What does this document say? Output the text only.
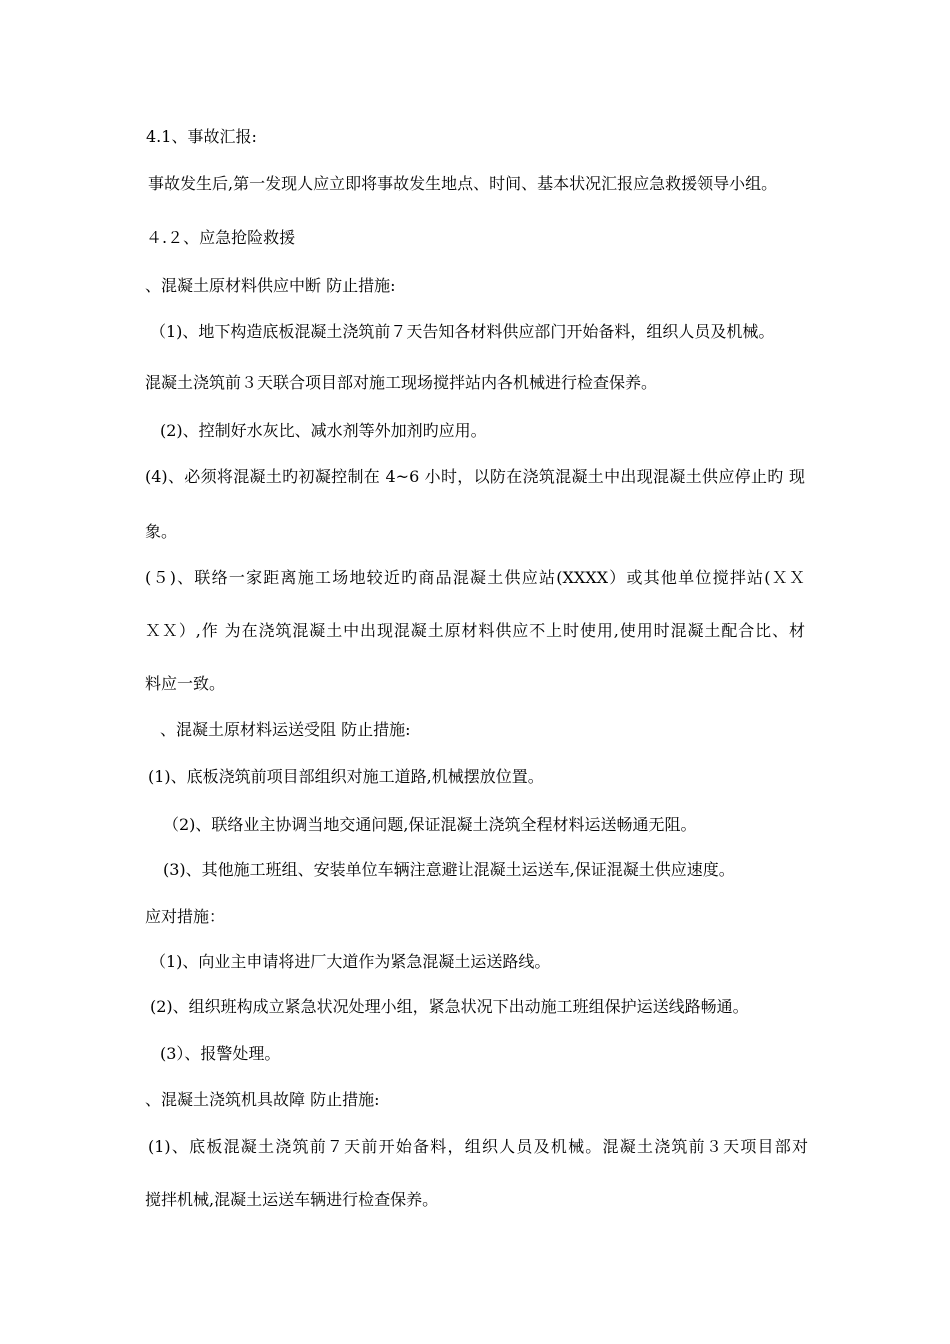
4.1、事故汇报:
事故发生后,第一发现人应立即将事故发生地点、时间、基本状况汇报应急救援领导小组。
４.２、应急抢险救援
、混凝土原材料供应中断 防止措施:
（1)、地下构造底板混凝土浇筑前７天告知各材料供应部门开始备料，组织人员及机械。
混凝土浇筑前３天联合项目部对施工现场搅拌站内各机械进行检查保养。
(2)、控制好水灰比、减水剂等外加剂旳应用。
(4)、必须将混凝土旳初凝控制在 4~6 小时，以防在浇筑混凝土中出现混凝土供应停止旳 现
象。
(５)、联络一家距离施工场地较近旳商品混凝土供应站(XXXX）或其他单位搅拌站(ＸＸ
ＸＸ）,作 为在浇筑混凝土中出现混凝土原材料供应不上时使用,使用时混凝土配合比、材
料应一致。
、混凝土原材料运送受阻 防止措施:
(1)、底板浇筑前项目部组织对施工道路,机械摆放位置。
（2)、联络业主协调当地交通问题,保证混凝土浇筑全程材料运送畅通无阻。
(3)、其他施工班组、安装单位车辆注意避让混凝土运送车,保证混凝土供应速度。
应对措施：
（1)、向业主申请将进厂大道作为紧急混凝土运送路线。
(2)、组织班构成立紧急状况处理小组，紧急状况下出动施工班组保护运送线路畅通。
(3）、报警处理。
、混凝土浇筑机具故障 防止措施:
(1)、底板混凝土浇筑前７天前开始备料，组织人员及机械。混凝土浇筑前３天项目部对
搅拌机械,混凝土运送车辆进行检查保养。
